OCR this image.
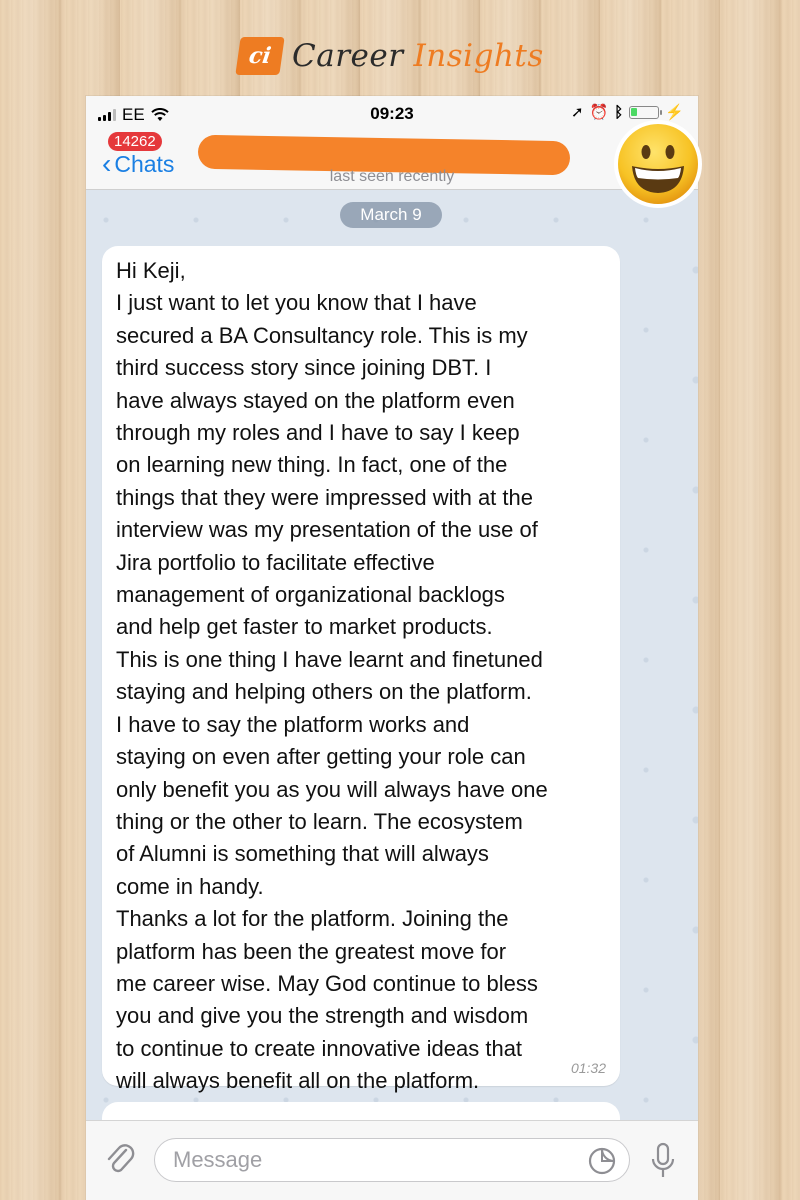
ci Career Insights
EE	09:23	➚ ⏰ ᛒ	⚡
‹ Chats
14262
last seen recently
March 9
Hi Keji,
I just want to let you know that I have
secured a BA Consultancy role. This is my
third success story since joining DBT. I
have always stayed on the platform even
through my roles and I have to say I keep
on learning new thing. In fact, one of the
things that they were impressed with at the
interview was my presentation of the use of
Jira portfolio to facilitate effective
management of organizational backlogs
and help get faster to market products.
This is one thing I have learnt and finetuned
staying and helping others on the platform.
I have to say the platform works and
staying on even after getting your role can
only benefit you as you will always have one
thing or the other to learn. The ecosystem
of Alumni is something that will always
come in handy.
Thanks a lot for the platform. Joining the
platform has been the greatest move for
me career wise. May God continue to bless
you and give you the strength and wisdom
to continue to create innovative ideas that
will always benefit all on the platform.
01:32
Message
